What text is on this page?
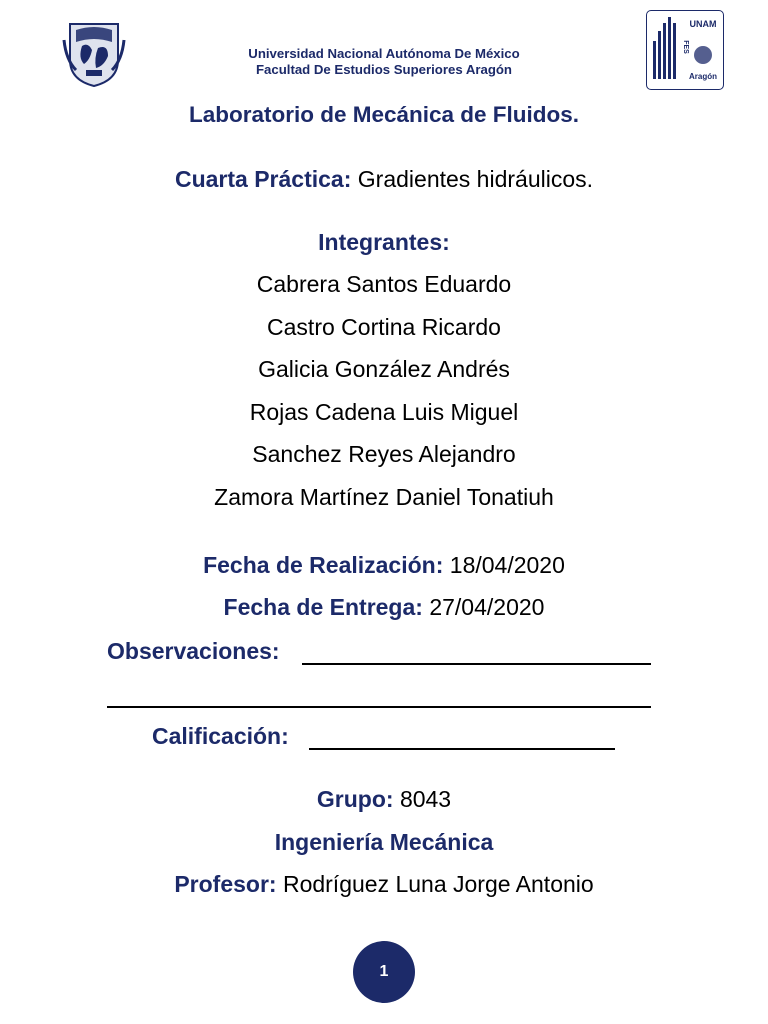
UNAM
FES
Aragón
Universidad Nacional Autónoma De México
Facultad De Estudios Superiores Aragón
Laboratorio de Mecánica de Fluidos.
Cuarta Práctica: Gradientes hidráulicos.
Integrantes:
Cabrera Santos Eduardo
Castro Cortina Ricardo
Galicia González Andrés
Rojas Cadena Luis Miguel
Sanchez Reyes Alejandro
Zamora Martínez Daniel Tonatiuh
Fecha de Realización: 18/04/2020
Fecha de Entrega: 27/04/2020
Observaciones:
Calificación:
Grupo: 8043
Ingeniería Mecánica
Profesor: Rodríguez Luna Jorge Antonio
1
